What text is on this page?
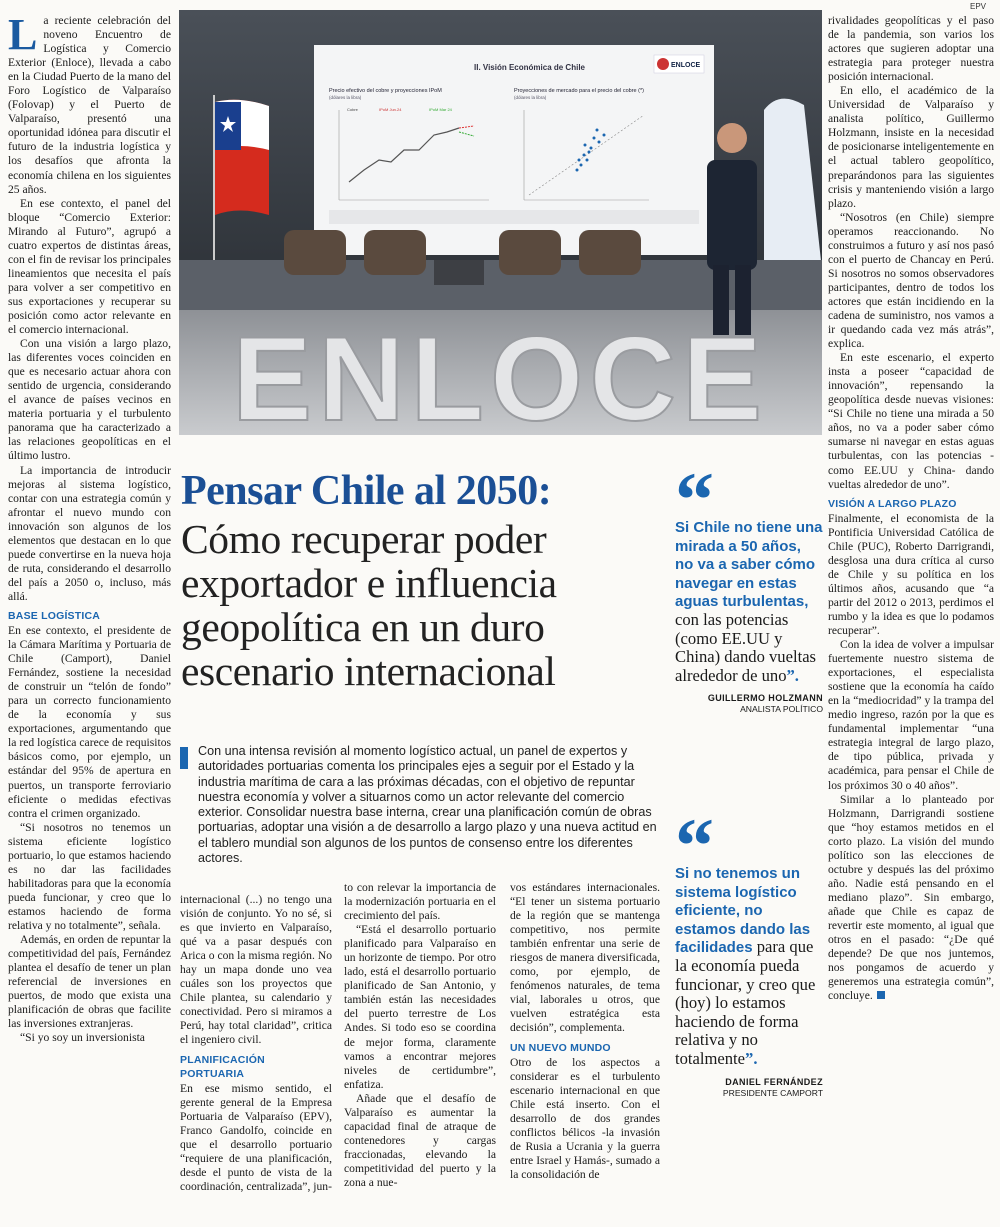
EPV

La reciente celebración del noveno Encuentro de Logística y Comercio Exterior (Enloce), llevada a cabo en la Ciudad Puerto de la mano del Foro Logístico de Valparaíso (Folovap) y el Puerto de Valparaíso, presentó una oportunidad idónea para discutir el futuro de la industria logística y los desafíos que afronta la economía chilena en los siguientes 25 años.

En ese contexto, el panel del bloque “Comercio Exterior: Mirando al Futuro”, agrupó a cuatro expertos de distintas áreas, con el fin de revisar los principales lineamientos que necesita el país para volver a ser competitivo en sus exportaciones y recuperar su posición como actor relevante en el comercio internacional.

Con una visión a largo plazo, las diferentes voces coinciden en que es necesario actuar ahora con sentido de urgencia, considerando el avance de países vecinos en materia portuaria y el turbulento panorama que ha caracterizado a las relaciones geopolíticas en el último lustro.

La importancia de introducir mejoras al sistema logístico, contar con una estrategia común y afrontar el nuevo mundo con innovación son algunos de los elementos que destacan en lo que puede convertirse en la nueva hoja de ruta, considerando el desarrollo del país a 2050 o, incluso, más allá.

BASE LOGÍSTICA

En ese contexto, el presidente de la Cámara Marítima y Portuaria de Chile (Camport), Daniel Fernández, sostiene la necesidad de construir un “telón de fondo” para un correcto funcionamiento de la economía y sus exportaciones, argumentando que la red logística carece de requisitos básicos como, por ejemplo, un estándar del 95% de apertura en puertos, un transporte ferroviario eficiente o medidas efectivas contra el crimen organizado.

“Si nosotros no tenemos un sistema eficiente logístico portuario, lo que estamos haciendo es no dar las facilidades habilitadoras para que la economía pueda funcionar, y creo que lo estamos haciendo de forma relativa y no totalmente”, señala.

Además, en orden de repuntar la competitividad del país, Fernández plantea el desafío de tener un plan referencial de inversiones en puertos, de modo que exista una planificación de obras que facilite las inversiones extranjeras.

“Si yo soy un inversionista

II. Visión Económica de Chile	ENLOCE
Precio efectivo del cobre y proyecciones IPoM
(dólares la libra)
Proyecciones de mercado para el precio del cobre (*)
(dólares la libra)
Cobre	IPoM Jun.24	IPoM Mar 24
ENLOCE
Pensar Chile al 2050:
Cómo recuperar poder exportador e influencia geopolítica en un duro escenario internacional
Con una intensa revisión al momento logístico actual, un panel de expertos y autoridades portuarias comenta los principales ejes a seguir por el Estado y la industria marítima de cara a las próximas décadas, con el objetivo de repuntar nuestra economía y volver a situarnos como un actor relevante del comercio exterior. Consolidar nuestra base interna, crear una planificación común de obras portuarias, adoptar una visión a de desarrollo a largo plazo y una nueva actitud en el tablero mundial son algunos de los puntos de consenso entre los diferentes actores.

internacional (...) no tengo una visión de conjunto. Yo no sé, si es que invierto en Valparaíso, qué va a pasar después con Arica o con la misma región. No hay un mapa donde uno vea cuáles son los proyectos que Chile plantea, su calendario y conectividad. Pero si miramos a Perú, hay total claridad”, critica el ingeniero civil.

PLANIFICACIÓN PORTUARIA

En ese mismo sentido, el gerente general de la Empresa Portuaria de Valparaíso (EPV), Franco Gandolfo, coincide en que el desarrollo portuario “requiere de una planificación, desde el punto de vista de la coordinación, centralizada”, jun-

to con relevar la importancia de la modernización portuaria en el crecimiento del país.

“Está el desarrollo portuario planificado para Valparaíso en un horizonte de tiempo. Por otro lado, está el desarrollo portuario planificado de San Antonio, y también están las necesidades del puerto terrestre de Los Andes. Si todo eso se coordina de mejor forma, claramente vamos a encontrar mejores niveles de certidumbre”, enfatiza.

Añade que el desafío de Valparaíso es aumentar la capacidad final de atraque de contenedores y cargas fraccionadas, elevando la competitividad del puerto y la zona a nue-

vos estándares internacionales. “El tener un sistema portuario de la región que se mantenga competitivo, nos permite también enfrentar una serie de riesgos de manera diversificada, como, por ejemplo, de fenómenos naturales, de tema vial, laborales u otros, que vuelven estratégica esta decisión”, complementa.

UN NUEVO MUNDO

Otro de los aspectos a considerar es el turbulento escenario internacional en que Chile está inserto. Con el desarrollo de dos grandes conflictos bélicos -la invasión de Rusia a Ucrania y la guerra entre Israel y Hamás-, sumado a la consolidación de

“
Si Chile no tiene una mirada a 50 años, no va a saber cómo navegar en estas aguas turbulentas, con las potencias (como EE.UU y China) dando vueltas alrededor de uno”.
GUILLERMO HOLZMANN
ANALISTA POLÍTICO
“
Si no tenemos un sistema logístico eficiente, no estamos dando las facilidades para que la economía pueda funcionar, y creo que (hoy) lo estamos haciendo de forma relativa y no totalmente”.
DANIEL FERNÁNDEZ
PRESIDENTE CAMPORT

rivalidades geopolíticas y el paso de la pandemia, son varios los actores que sugieren adoptar una estrategia para proteger nuestra posición internacional.

En ello, el académico de la Universidad de Valparaíso y analista político, Guillermo Holzmann, insiste en la necesidad de posicionarse inteligentemente en el actual tablero geopolítico, preparándonos para las siguientes crisis y manteniendo visión a largo plazo.

“Nosotros (en Chile) siempre operamos reaccionando. No construimos a futuro y así nos pasó con el puerto de Chancay en Perú. Si nosotros no somos observadores participantes, dentro de todos los actores que están incidiendo en la cadena de suministro, nos vamos a ir quedando cada vez más atrás”, explica.

En este escenario, el experto insta a poseer “capacidad de innovación”, repensando la geopolítica desde nuevas visiones: “Si Chile no tiene una mirada a 50 años, no va a poder saber cómo sumarse ni navegar en estas aguas turbulentas, con las potencias -como EE.UU y China- dando vueltas alrededor de uno”.

VISIÓN A LARGO PLAZO

Finalmente, el economista de la Pontificia Universidad Católica de Chile (PUC), Roberto Darrigrandi, desglosa una dura crítica al curso de Chile y su política en los últimos años, acusando que “a partir del 2012 o 2013, perdimos el rumbo y la idea es que lo podamos recuperar”.

Con la idea de volver a impulsar fuertemente nuestro sistema de exportaciones, el especialista sostiene que la economía ha caído en la “mediocridad” y la trampa del medio ingreso, razón por la que es fundamental implementar “una estrategia integral de largo plazo, de tipo pública, privada y académica, para pensar el Chile de los próximos 30 o 40 años”.

Similar a lo planteado por Holzmann, Darrigrandi sostiene que “hoy estamos metidos en el corto plazo. La visión del mundo político son las elecciones de octubre y después las del próximo año. Nadie está pensando en el mediano plazo”. Sin embargo, añade que Chile es capaz de revertir este momento, al igual que otros en el pasado: “¿De qué depende? De que nos juntemos, nos pongamos de acuerdo y generemos una estrategia común”, concluye.
